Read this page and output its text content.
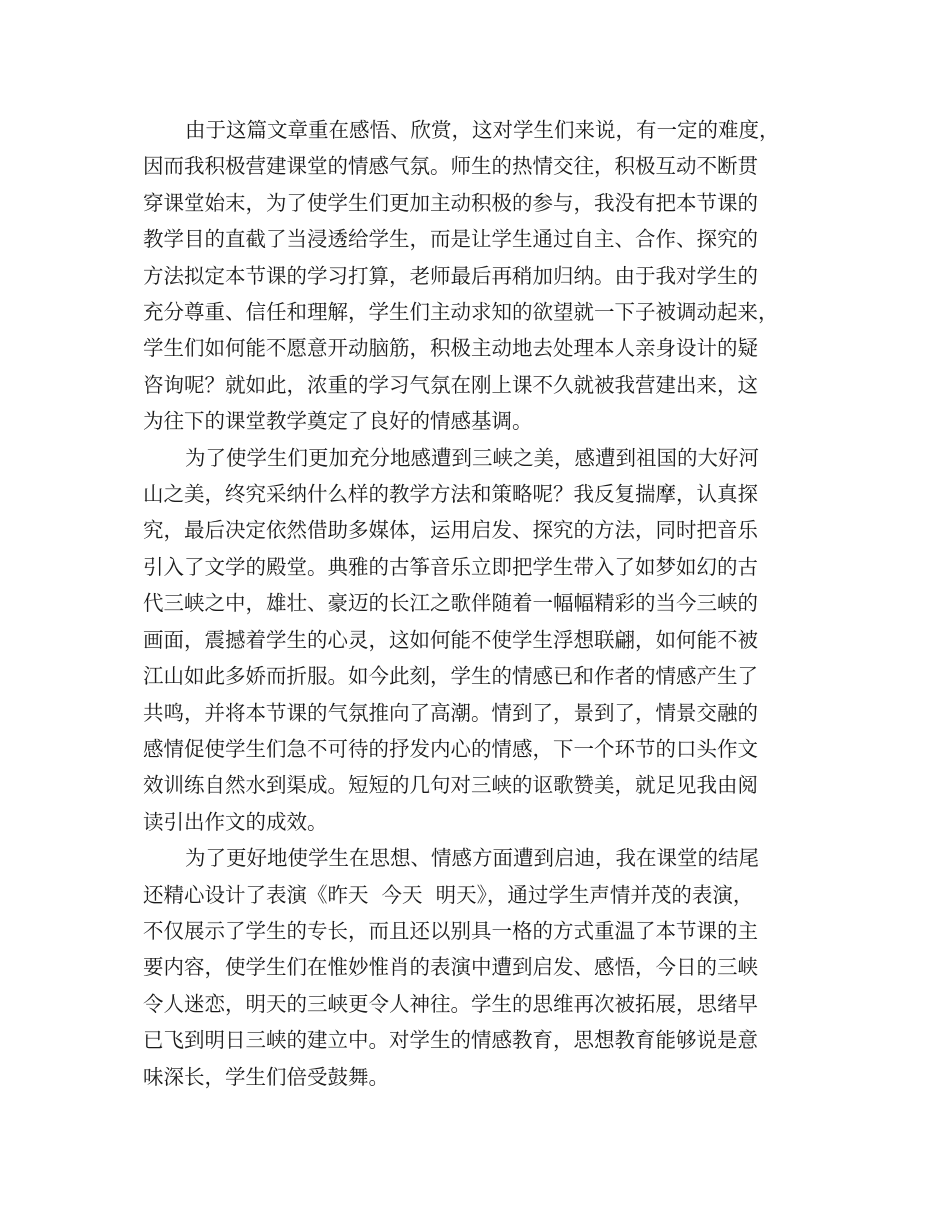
由于这篇文章重在感悟、欣赏，这对学生们来说，有一定的难度，
因而我积极营建课堂的情感气氛。师生的热情交往，积极互动不断贯
穿课堂始末，为了使学生们更加主动积极的参与，我没有把本节课的
教学目的直截了当浸透给学生，而是让学生通过自主、合作、探究的
方法拟定本节课的学习打算，老师最后再稍加归纳。由于我对学生的
充分尊重、信任和理解，学生们主动求知的欲望就一下子被调动起来，
学生们如何能不愿意开动脑筋，积极主动地去处理本人亲身设计的疑
咨询呢？就如此，浓重的学习气氛在刚上课不久就被我营建出来，这
为往下的课堂教学奠定了良好的情感基调。

为了使学生们更加充分地感遭到三峡之美，感遭到祖国的大好河
山之美，终究采纳什么样的教学方法和策略呢？我反复揣摩，认真探
究，最后决定依然借助多媒体，运用启发、探究的方法，同时把音乐
引入了文学的殿堂。典雅的古筝音乐立即把学生带入了如梦如幻的古
代三峡之中，雄壮、豪迈的长江之歌伴随着一幅幅精彩的当今三峡的
画面，震撼着学生的心灵，这如何能不使学生浮想联翩，如何能不被
江山如此多娇而折服。如今此刻，学生的情感已和作者的情感产生了
共鸣，并将本节课的气氛推向了高潮。情到了，景到了，情景交融的
感情促使学生们急不可待的抒发内心的情感，下一个环节的口头作文
效训练自然水到渠成。短短的几句对三峡的讴歌赞美，就足见我由阅
读引出作文的成效。

为了更好地使学生在思想、情感方面遭到启迪，我在课堂的结尾
还精心设计了表演《昨天  今天  明天》，通过学生声情并茂的表演，
不仅展示了学生的专长，而且还以别具一格的方式重温了本节课的主
要内容，使学生们在惟妙惟肖的表演中遭到启发、感悟，今日的三峡
令人迷恋，明天的三峡更令人神往。学生的思维再次被拓展，思绪早
已飞到明日三峡的建立中。对学生的情感教育，思想教育能够说是意
味深长，学生们倍受鼓舞。
